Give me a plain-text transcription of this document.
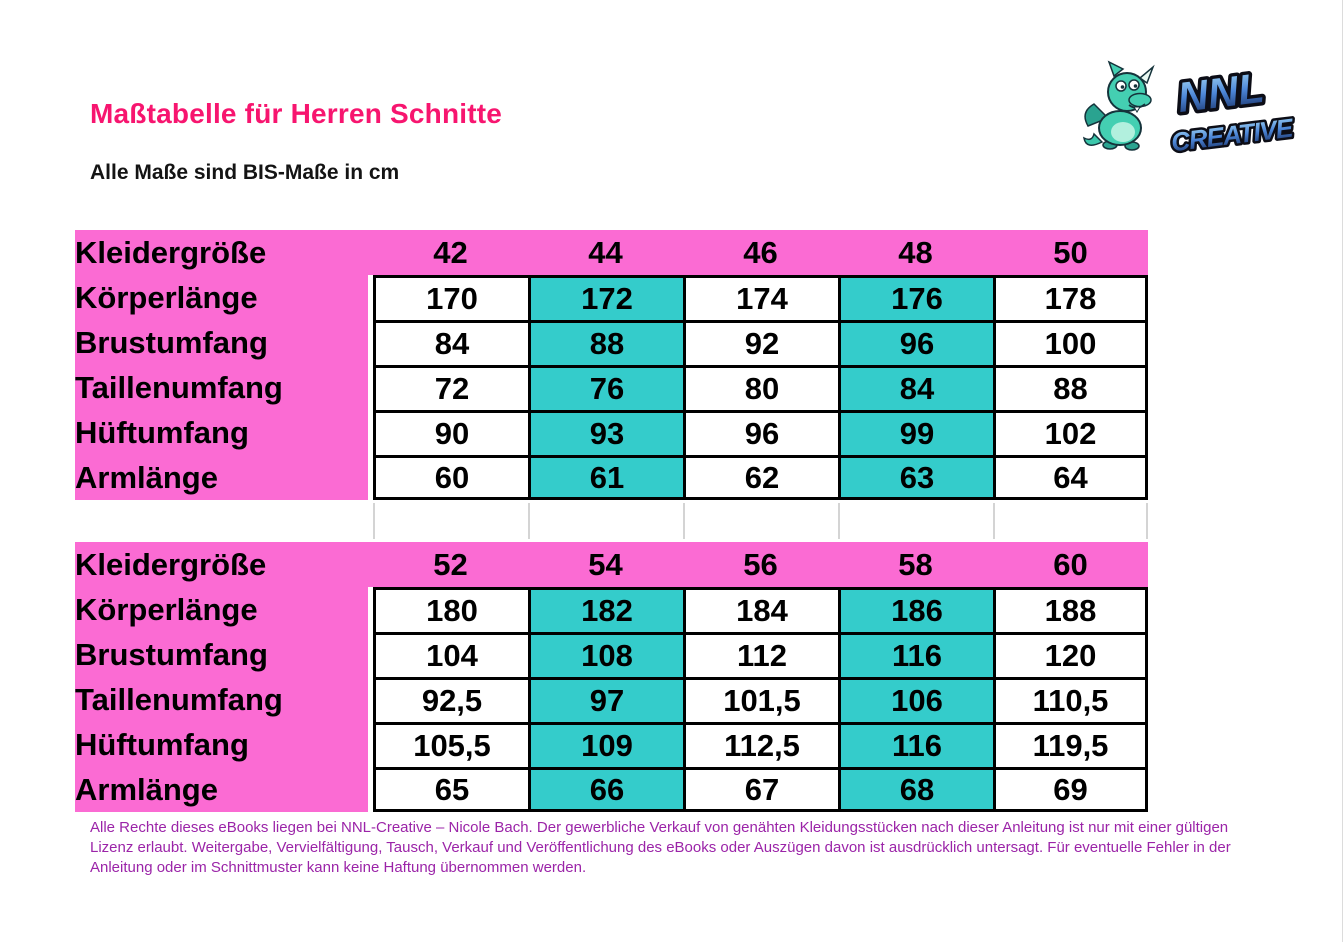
Maßtabelle für Herren Schnitte
Alle Maße sind BIS-Maße in cm
NNL
CREATIVE
Kleidergröße		42	44	46	48	50
Körperlänge		170	172	174	176	178
Brustumfang		84	88	92	96	100
Taillenumfang		72	76	80	84	88
Hüftumfang		90	93	96	99	102
Armlänge		60	61	62	63	64
Kleidergröße		52	54	56	58	60
Körperlänge		180	182	184	186	188
Brustumfang		104	108	112	116	120
Taillenumfang		92,5	97	101,5	106	110,5
Hüftumfang		105,5	109	112,5	116	119,5
Armlänge		65	66	67	68	69

Alle Rechte dieses eBooks liegen bei NNL-Creative – Nicole Bach. Der gewerbliche Verkauf von genähten Kleidungsstücken nach dieser Anleitung ist nur mit einer gültigen Lizenz erlaubt. Weitergabe, Vervielfältigung, Tausch, Verkauf und Veröffentlichung des eBooks oder Auszügen davon ist ausdrücklich untersagt. Für eventuelle Fehler in der Anleitung oder im Schnittmuster kann keine Haftung übernommen werden.
